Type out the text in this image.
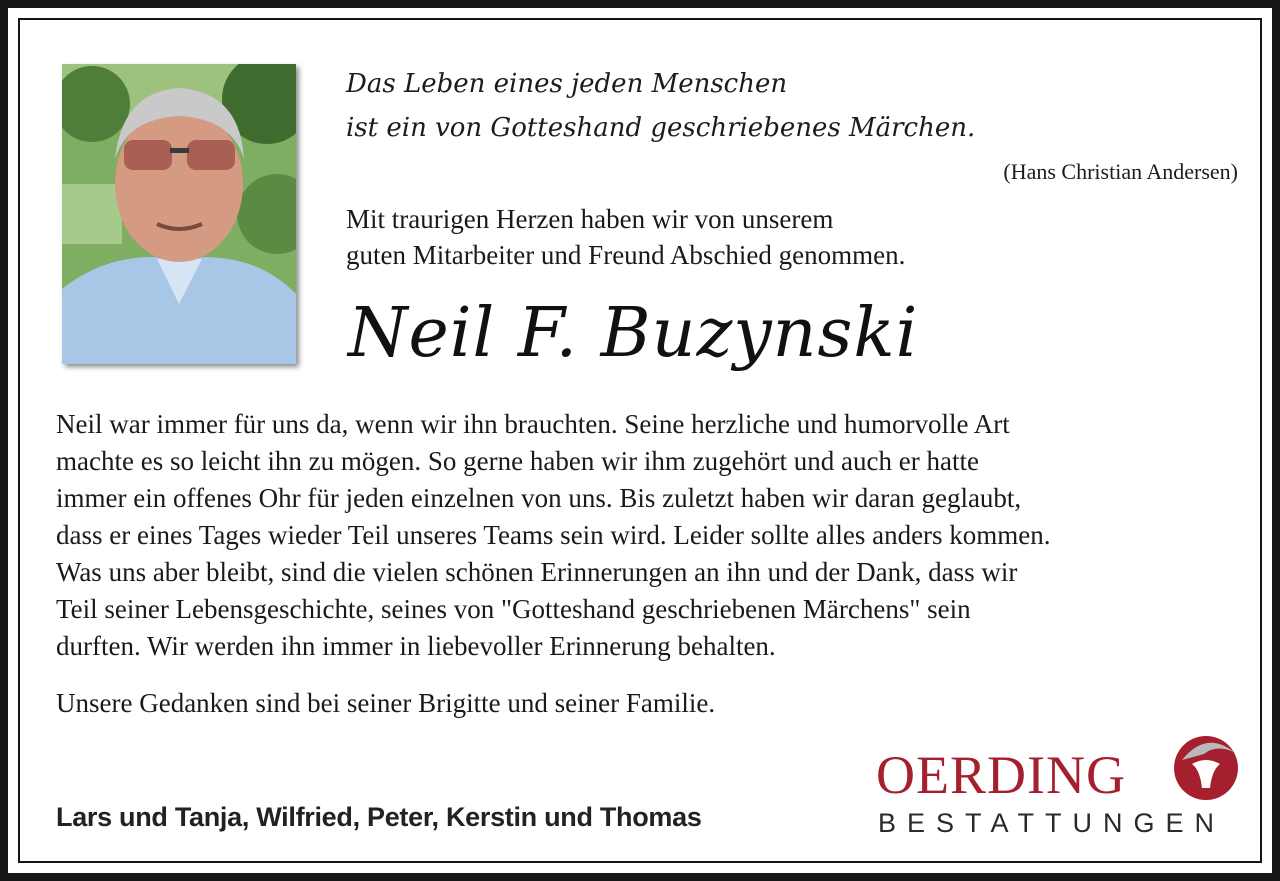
Das Leben eines jeden Menschen
ist ein von Gotteshand geschriebenes Märchen.
(Hans Christian Andersen)
Mit traurigen Herzen haben wir von unserem
guten Mitarbeiter und Freund Abschied genommen.
Neil F. Buzynski
Neil war immer für uns da, wenn wir ihn brauchten. Seine herzliche und humorvolle Art
machte es so leicht ihn zu mögen. So gerne haben wir ihm zugehört und auch er hatte
immer ein offenes Ohr für jeden einzelnen von uns. Bis zuletzt haben wir daran geglaubt,
dass er eines Tages wieder Teil unseres Teams sein wird. Leider sollte alles anders kommen.
Was uns aber bleibt, sind die vielen schönen Erinnerungen an ihn und der Dank, dass wir
Teil seiner Lebensgeschichte, seines von "Gotteshand geschriebenen Märchens" sein
durften. Wir werden ihn immer in liebevoller Erinnerung behalten.
Unsere Gedanken sind bei seiner Brigitte und seiner Familie.
Lars und Tanja, Wilfried, Peter, Kerstin und Thomas
OERDING
BESTATTUNGEN
